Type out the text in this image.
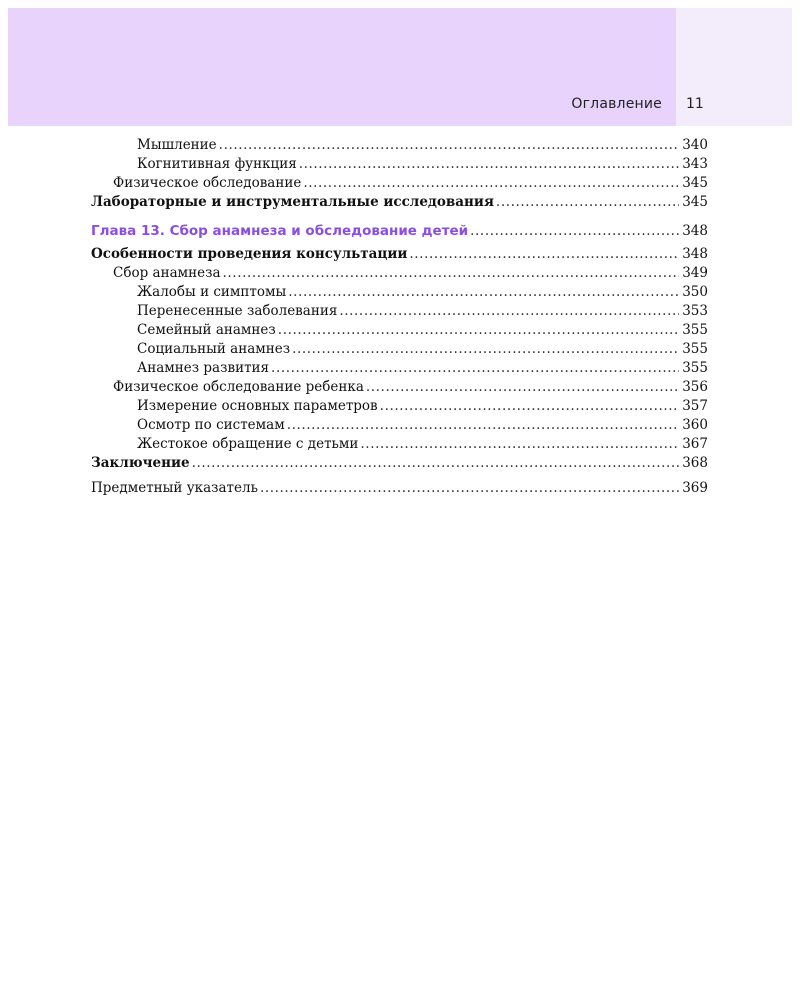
Оглавление 11
Мышление .....	340
Когнитивная функция .....	343
Физическое обследование .....	345
Лабораторные и инструментальные исследования .....	345
Глава 13. Сбор анамнеза и обследование детей .....	348
Особенности проведения консультации .....	348
Сбор анамнеза .....	349
Жалобы и симптомы .....	350
Перенесенные заболевания .....	353
Семейный анамнез .....	355
Социальный анамнез .....	355
Анамнез развития .....	355
Физическое обследование ребенка .....	356
Измерение основных параметров .....	357
Осмотр по системам .....	360
Жестокое обращение с детьми .....	367
Заключение .....	368
Предметный указатель .....	369
